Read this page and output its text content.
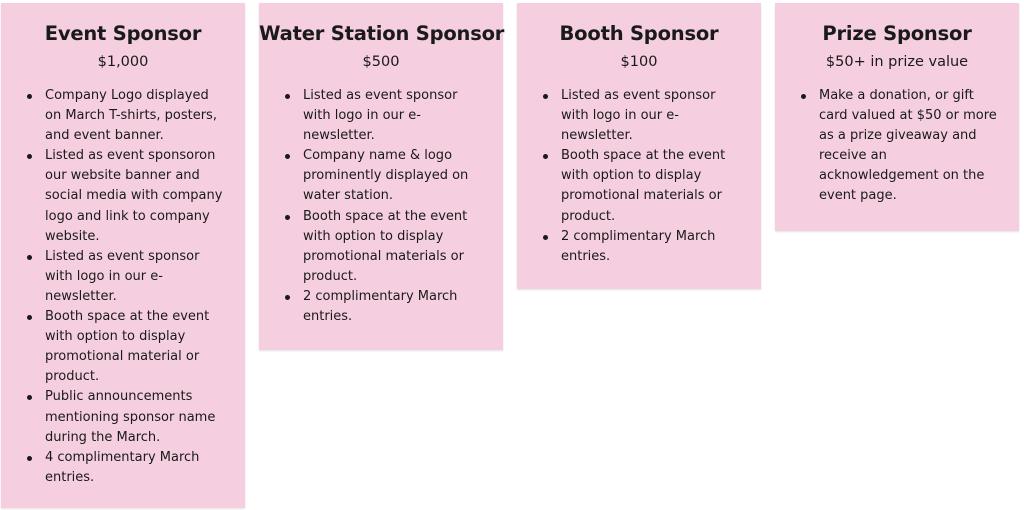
Event Sponsor
$1,000
Company Logo displayed on March T-shirts, posters, and event banner.
Listed as event sponsoron our website banner and social media with company logo and link to company website.
Listed as event sponsor with logo in our e-newsletter.
Booth space at the event with option to display promotional material or product.
Public announcements mentioning sponsor name during the March.
4 complimentary March entries.
Water Station Sponsor
$500
Listed as event sponsor with logo in our e-newsletter.
Company name & logo prominently displayed on water station.
Booth space at the event with option to display promotional materials or product.
2 complimentary March entries.
Booth Sponsor
$100
Listed as event sponsor with logo in our e-newsletter.
Booth space at the event with option to display promotional materials or product.
2 complimentary March entries.
Prize Sponsor
$50+ in prize value
Make a donation, or gift card valued at $50 or more as a prize giveaway and receive an acknowledgement on the event page.
